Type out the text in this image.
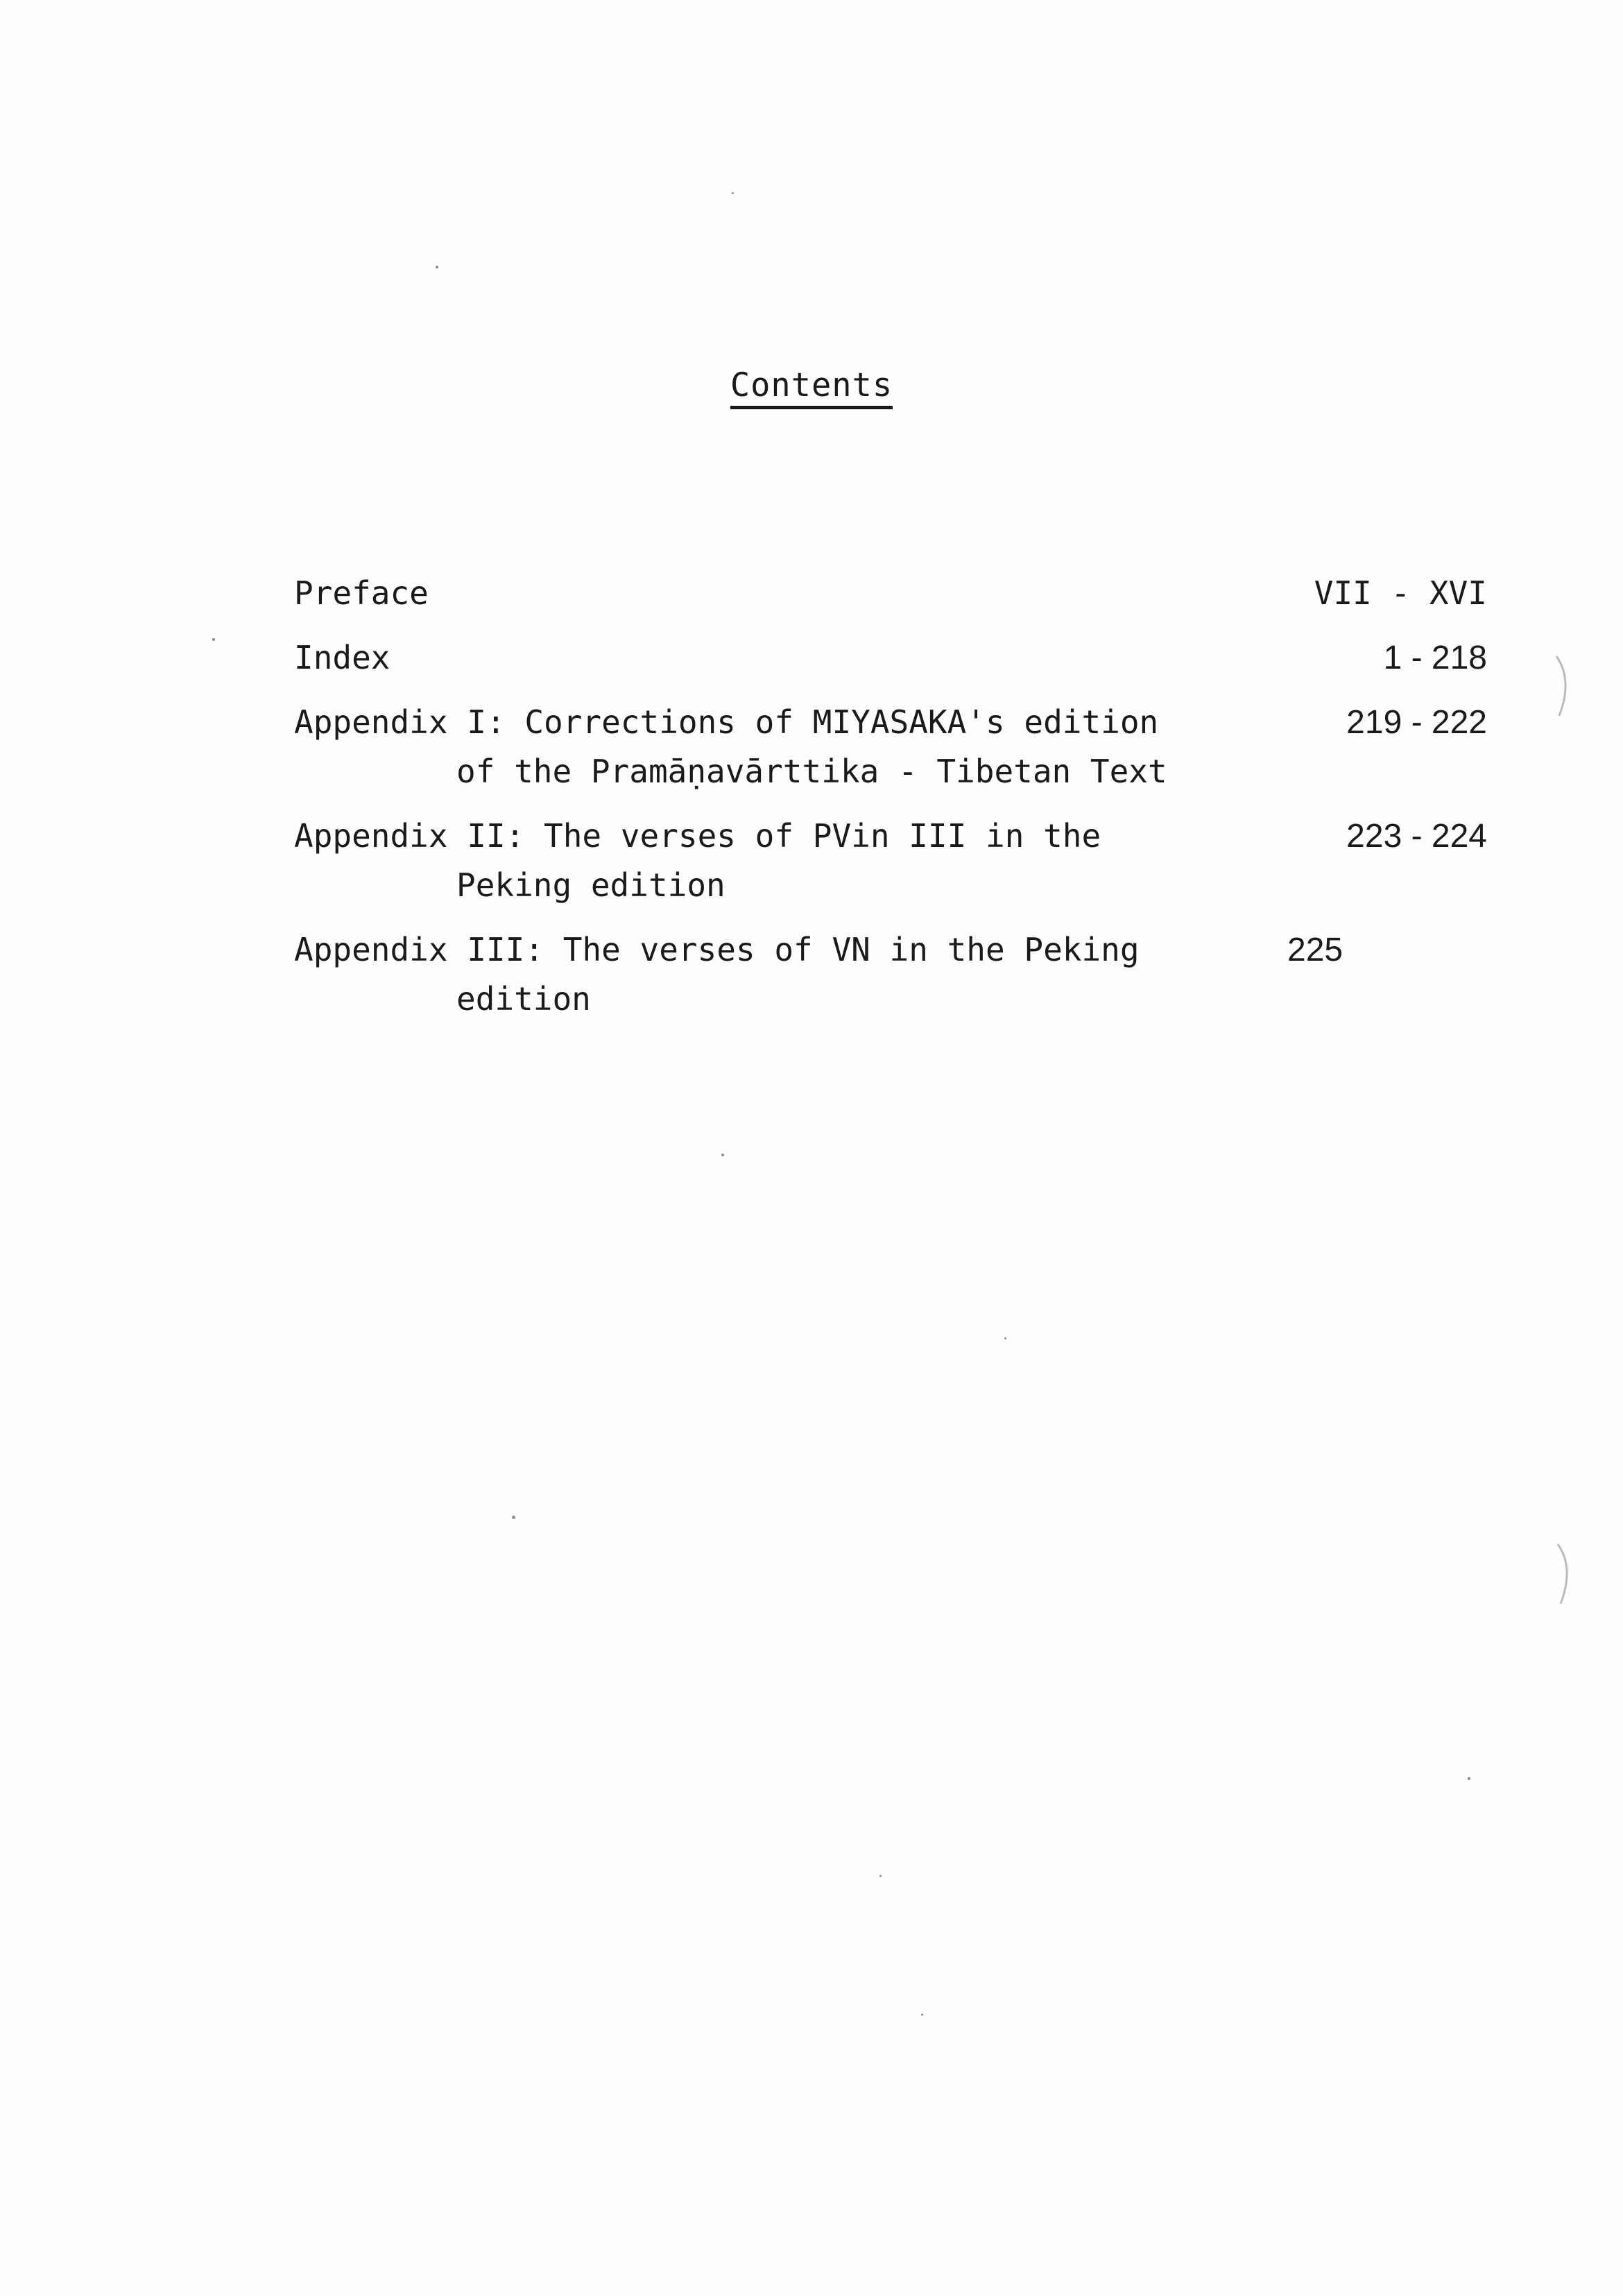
Contents
Preface	VII - XVI
Index	1 - 218
Appendix I: Corrections of MIYASAKA's edition
of the Pramāṇavārttika - Tibetan Text
219 - 222
Appendix II: The verses of PVin III in the
Peking edition
223 - 224
Appendix III: The verses of VN in the Peking
edition
225
